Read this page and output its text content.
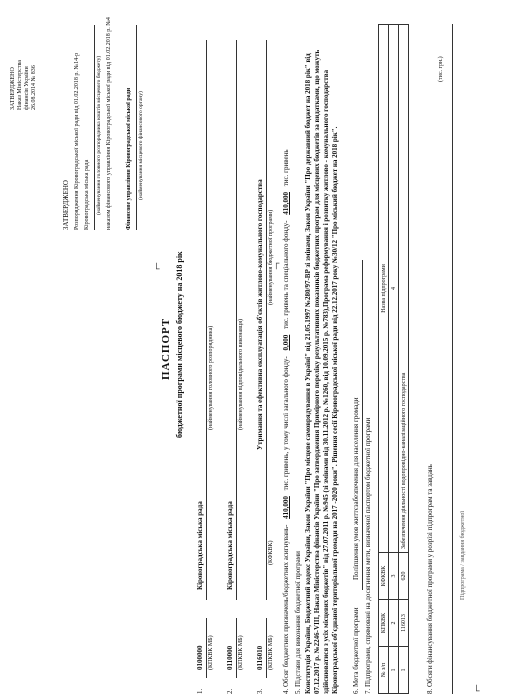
ЗАТВЕРДЖЕНО Наказ Міністерства фінансів України 26.08.2014 № 836
ЗАТВЕРДЖЕНО Розпорядження Кіровоградської міської ради від 01.02.2018 р. №14-р Кіровоградська міська рада (найменування головного розпорядника коштів місцевого бюджету) наказом фінансового управління Кіровоградської міської ради від 01.02.2018 р. №4 Фінансове управління Кіровоградської міської ради (найменування місцевого фінансового органу)
ПАСПОРТ бюджетної програми місцевого бюджету на 2018 рік
1.
0100000 (КПКВК МБ)
Кіровоградська міська рада
(найменування головного розпорядника)
2.
0110000 (КПКВК МБ)
Кіровоградська міська рада
(найменування відповідального виконавця)
3.
0116010 (КПКВК МБ)
(КФКВК)
Утримання та ефективна експлуатація об'єктів житлово-комунального господарства (найменування бюджетної програми)
4. Обсяг бюджетних призначень/бюджетних асигнувань- 410,000 тис. гривень, у тому числі загального фонду- 0,000 тис. гривень та спеціального фонду- 410,000 тис. гривень
5. Підстави для виконання бюджетної програми Конституція України, Бюджетний кодекс України, Закон України "Про місцеве самоврядування в Україні" від 21.05.1997 №280/97-ВР зі змінами, Закон України "Про державний бюджет на 2018 рік" від 07.12.2017 р. №2246-VIII, Наказ Міністерства фінансів України "Про затвердження Примірного переліку результативних показників бюджетних програм для місцевих бюджетів за видатками, що можуть здійснюватися з усіх місцевих бюджетів" від 27.07.2011 р. №945 (зі змінами від 30.11.2012 р. №1260, від 10.09.2015 р. №783),Програма реформування і розвитку житлово - комунального господарства Кіровоградської об'єднаної територіальної громади на 2017 -2020 роки". Рішення сесії Кіровоградської міської ради від 22.12.2017 року №30/12 "Про міський бюджет на 2018 рік". 6. Мета бюджетної програми
Поліпшення умов життєзабезпечення для населення громади 7. Підпрограми, спрямовані на досягнення мети, визначеної паспортом бюджетної програми № з/п	КПКВК	КФКВК	Назва підпрограми
1	2	3	4
1	116013	620	Забезпечення діяльності водопровідно-каналізаційного господарства
8. Обсяги фінансування бюджетної програми у розрізі підпрограм та завдань
(тис. грн.)
Підпрограма / завдання бюджетної
⌐	¬
⌐
